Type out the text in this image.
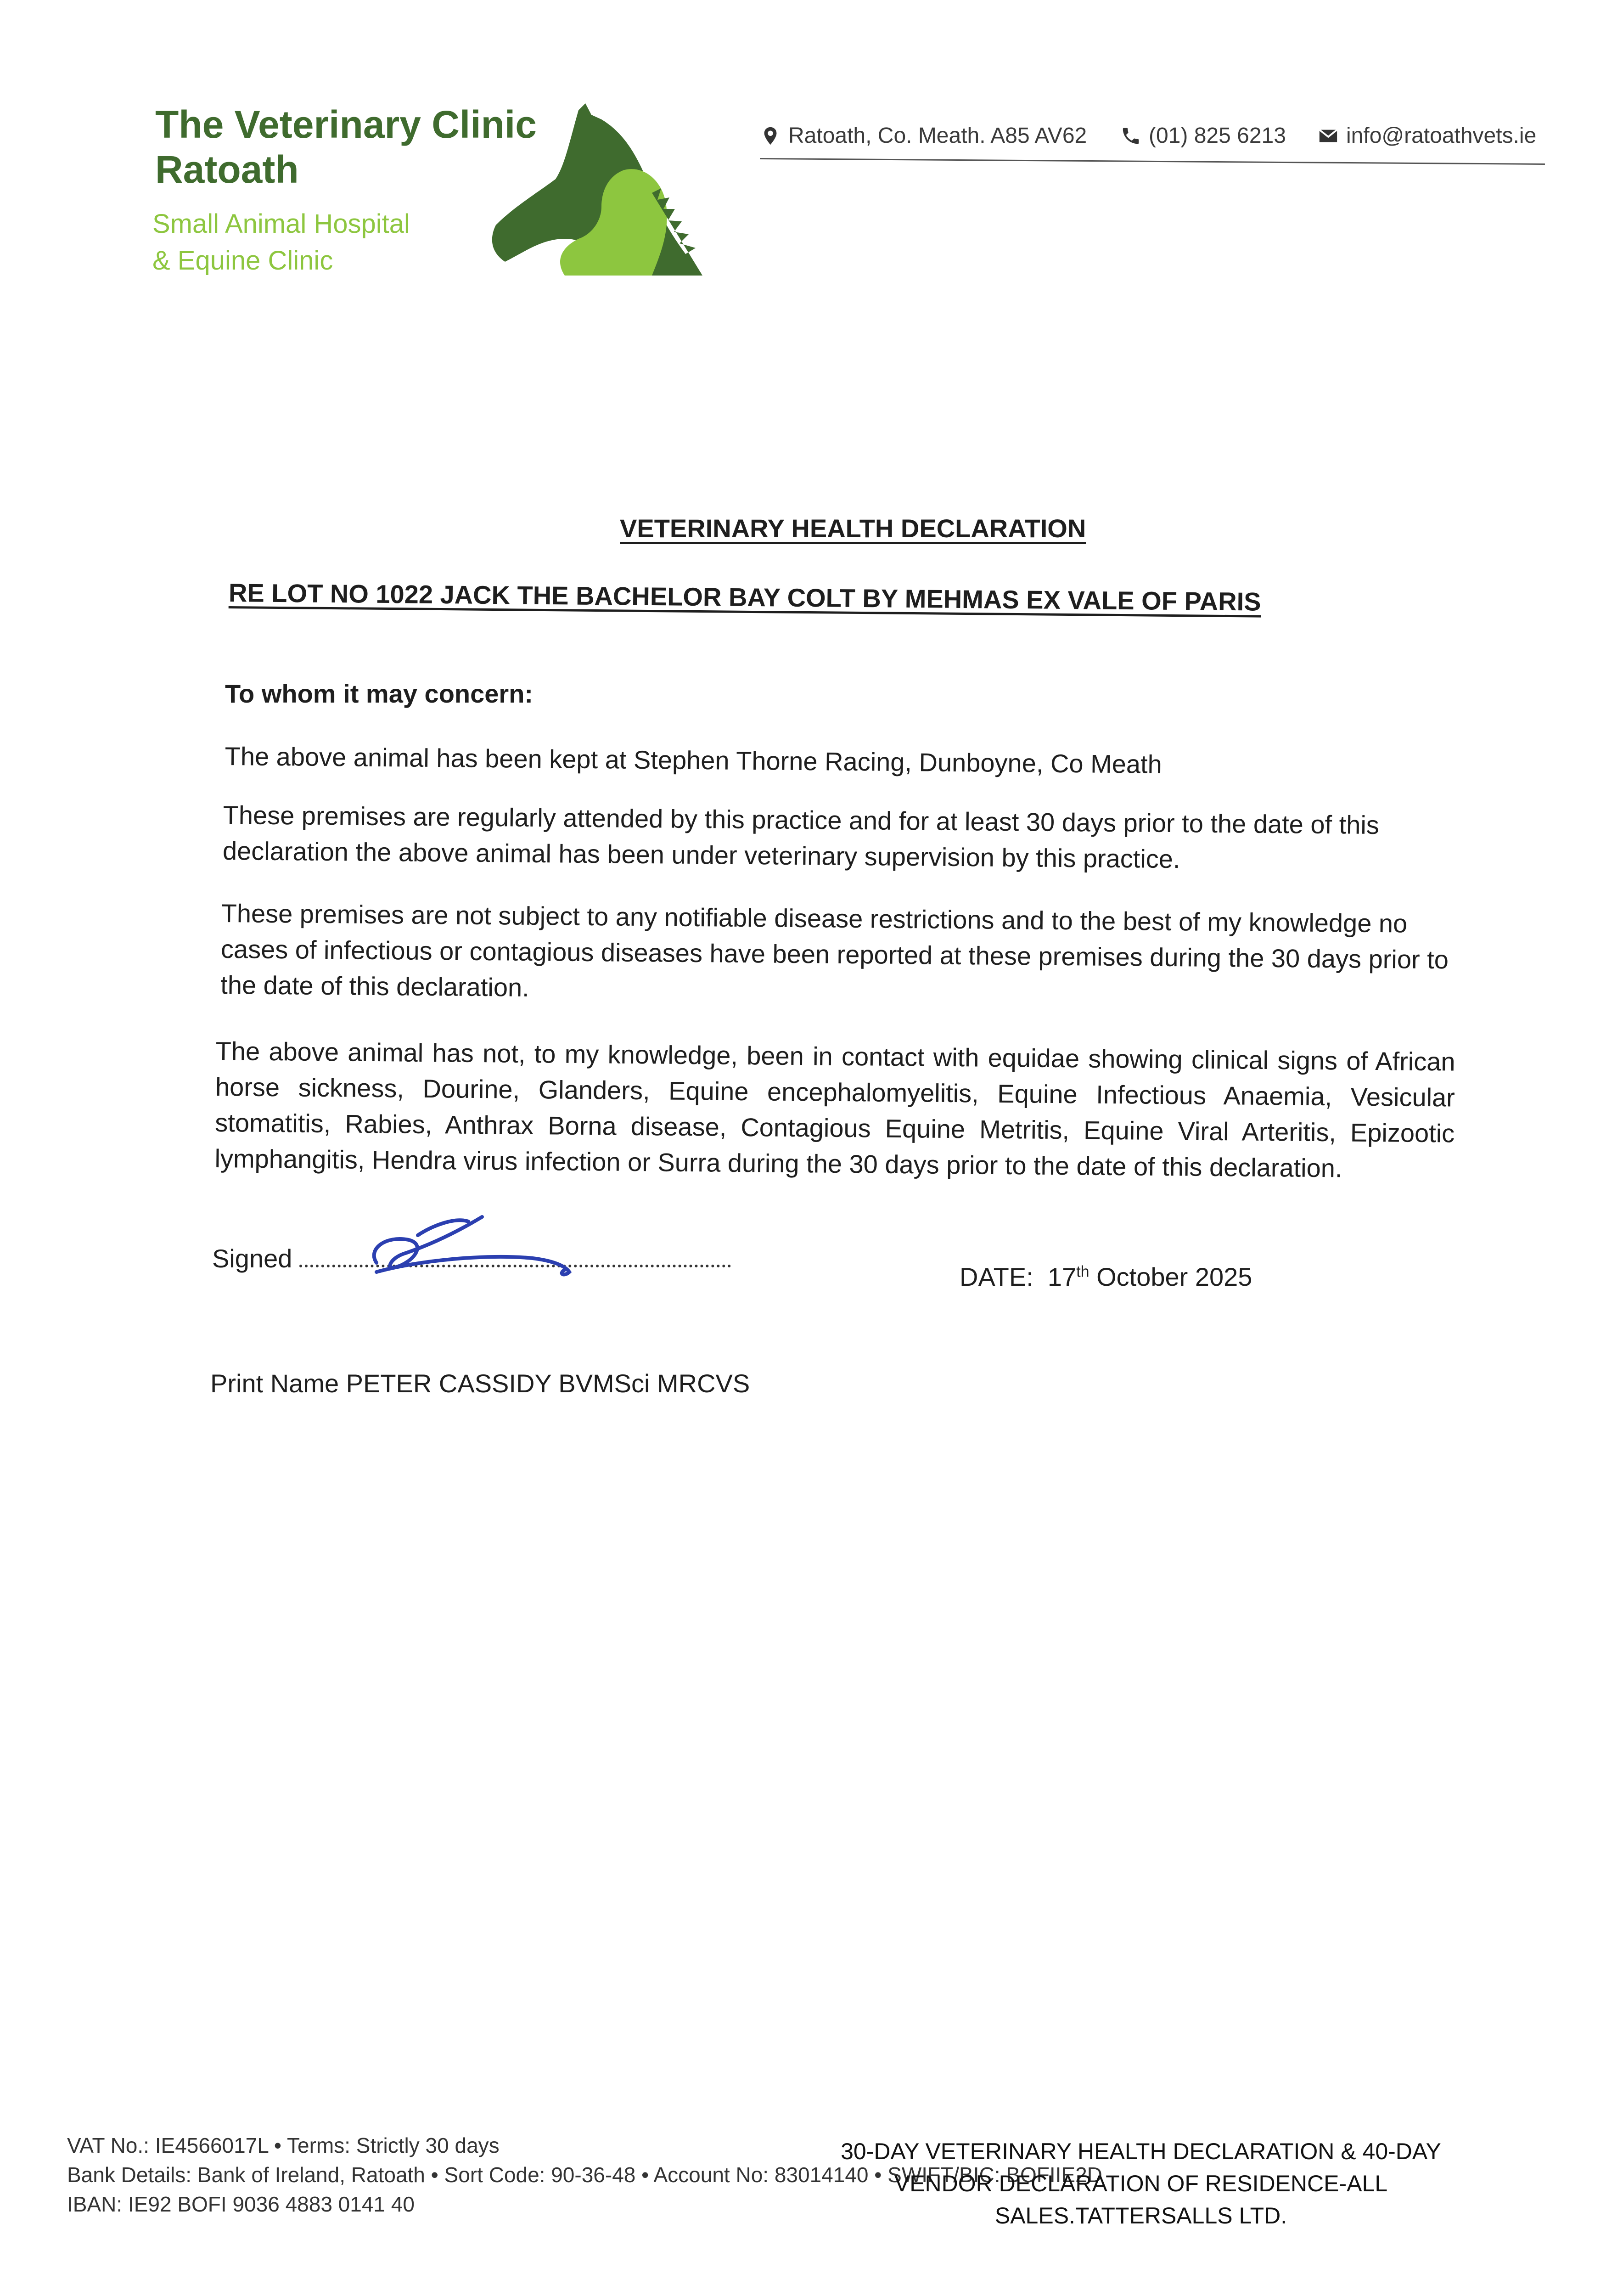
The Veterinary Clinic
Ratoath
Small Animal Hospital
& Equine Clinic
Ratoath, Co. Meath. A85 AV62	(01) 825 6213	info@ratoathvets.ie
VETERINARY HEALTH DECLARATION
RE LOT NO 1022 JACK THE BACHELOR BAY COLT BY MEHMAS EX VALE OF PARIS
To whom it may concern:
The above animal has been kept at Stephen Thorne Racing, Dunboyne, Co Meath
These premises are regularly attended by this practice and for at least 30 days prior to the date of this declaration the above animal has been under veterinary supervision by this practice.
These premises are not subject to any notifiable disease restrictions and to the best of my knowledge no cases of infectious or contagious diseases have been reported at these premises during the 30 days prior to the date of this declaration.
The above animal has not, to my knowledge, been in contact with equidae showing clinical signs of African horse sickness, Dourine, Glanders, Equine encephalomyelitis, Equine Infectious Anaemia, Vesicular stomatitis, Rabies, Anthrax Borna disease, Contagious Equine Metritis, Equine Viral Arteritis, Epizootic lymphangitis, Hendra virus infection or Surra during the 30 days prior to the date of this declaration.
Signed
DATE: 17th October 2025
Print Name PETER CASSIDY BVMSci MRCVS
VAT No.: IE4566017L • Terms: Strictly 30 days
Bank Details: Bank of Ireland, Ratoath • Sort Code: 90-36-48 • Account No: 83014140 • SWIFT/BIC: BOFIIE2D
IBAN: IE92 BOFI 9036 4883 0141 40
30-DAY VETERINARY HEALTH DECLARATION & 40-DAY
VENDOR DECLARATION OF RESIDENCE-ALL SALES.TATTERSALLS LTD.
